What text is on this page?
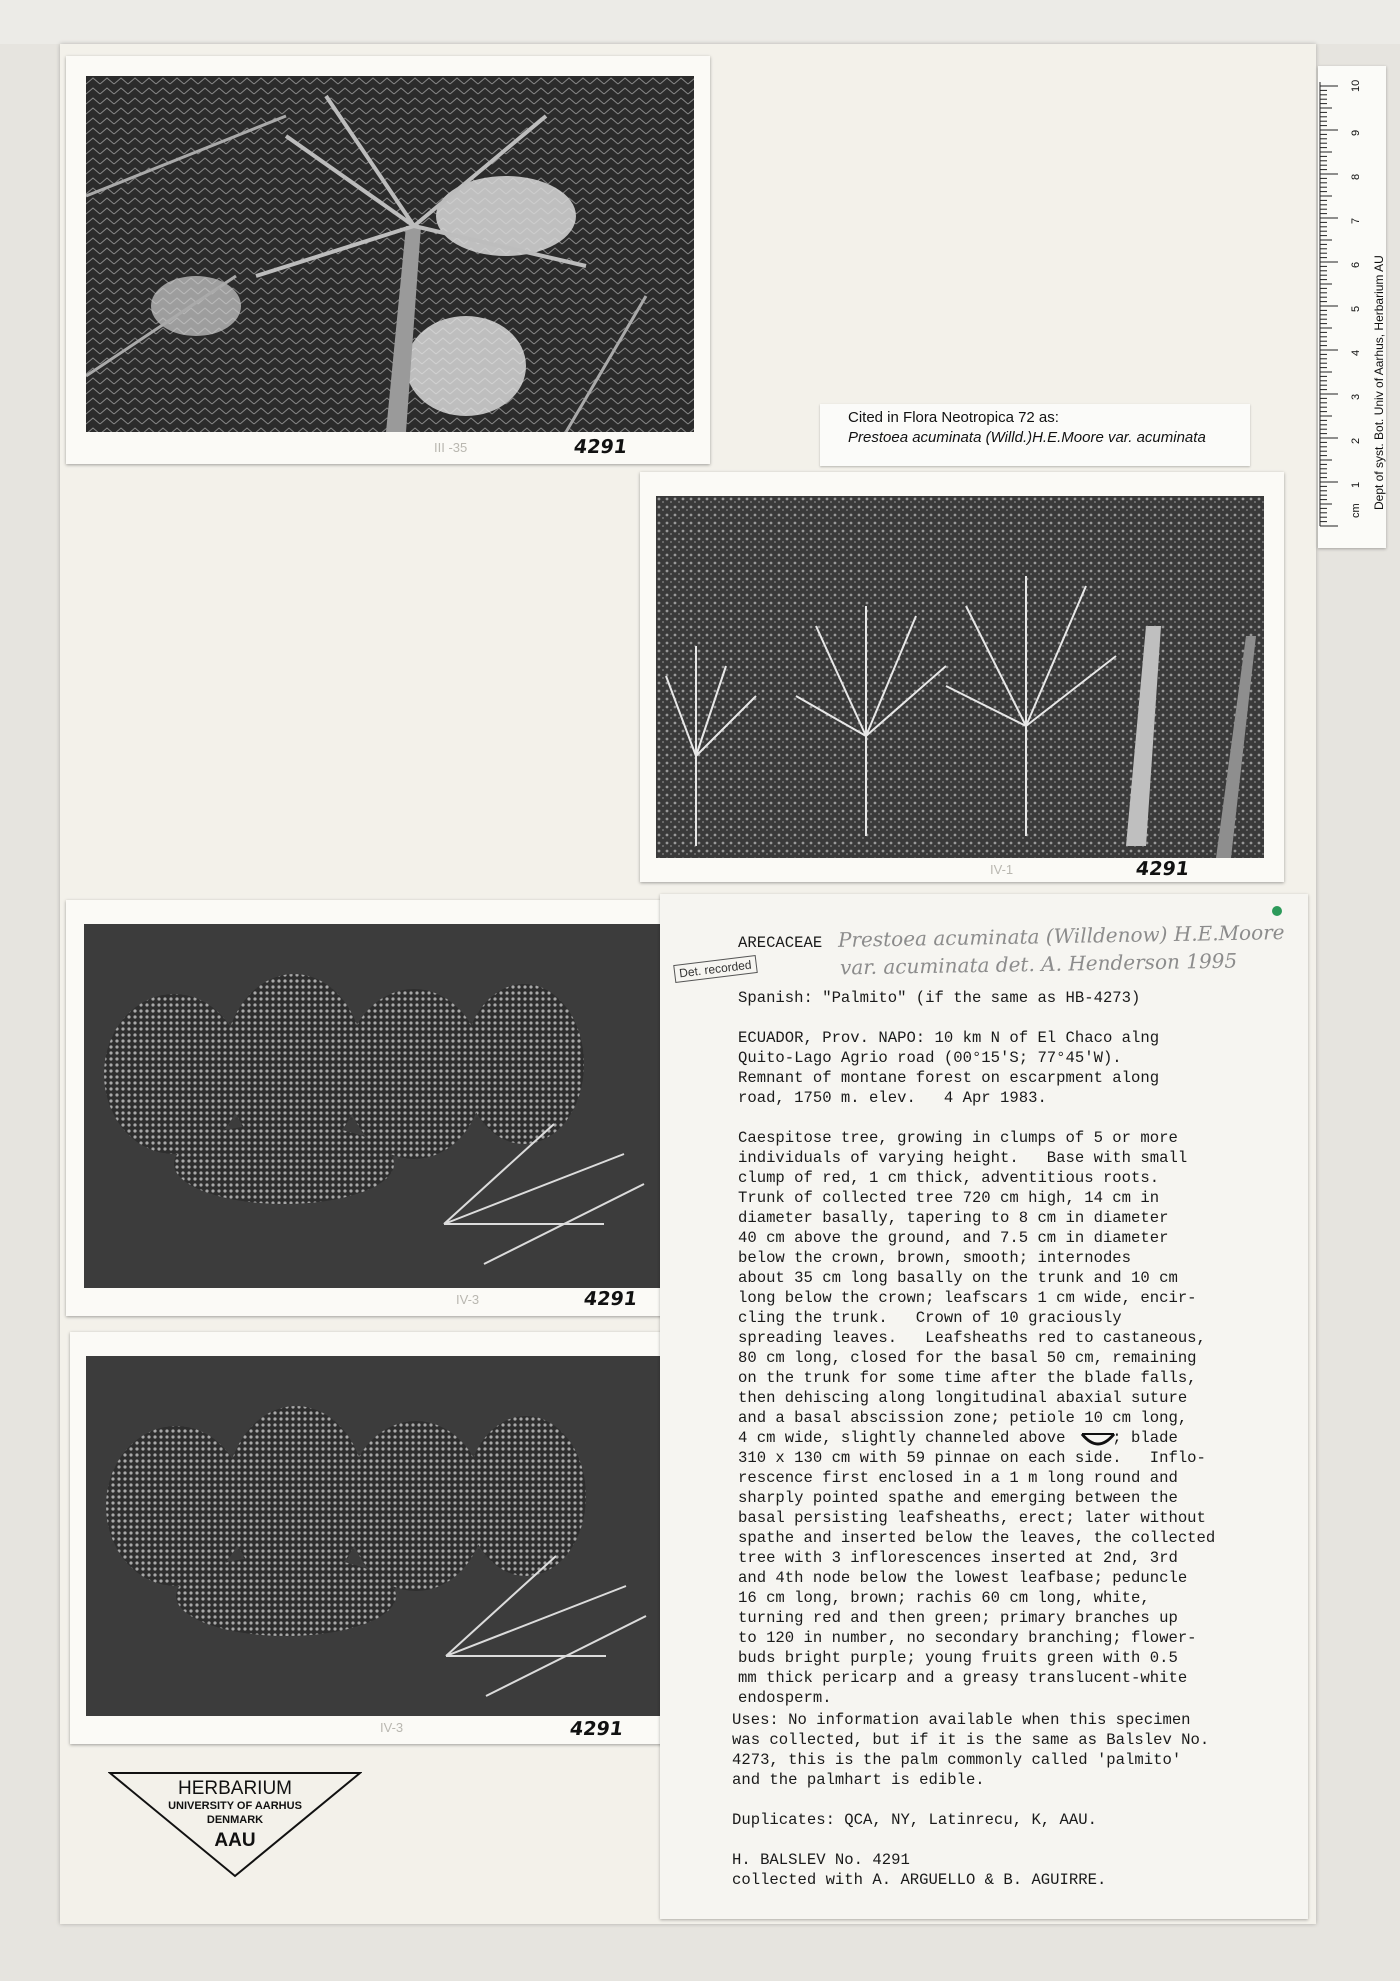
III -35	4291
IV-1	4291
IV-3	4291
IV-3	4291
Cited in Flora Neotropica 72 as:
Prestoea acuminata (Willd.)H.E.Moore var. acuminata
10
9
8
7
6
5
4
3
2
1
cm
Dept of syst. Bot. Univ of Aarhus, Herbarium AU
ARECACEAE Prestoea acuminata (Willdenow) H.E.Moore
var. acuminata det. A. Henderson 1995
Det. recorded
Spanish: "Palmito" (if the same as HB-4273)

ECUADOR, Prov. NAPO: 10 km N of El Chaco alng
Quito-Lago Agrio road (00°15'S; 77°45'W).
Remnant of montane forest on escarpment along
road, 1750 m. elev.   4 Apr 1983.

Caespitose tree, growing in clumps of 5 or more
individuals of varying height.   Base with small
clump of red, 1 cm thick, adventitious roots.
Trunk of collected tree 720 cm high, 14 cm in
diameter basally, tapering to 8 cm in diameter
40 cm above the ground, and 7.5 cm in diameter
below the crown, brown, smooth; internodes
about 35 cm long basally on the trunk and 10 cm
long below the crown; leafscars 1 cm wide, encir-
cling the trunk.   Crown of 10 graciously
spreading leaves.   Leafsheaths red to castaneous,
80 cm long, closed for the basal 50 cm, remaining
on the trunk for some time after the blade falls,
then dehiscing along longitudinal abaxial suture
and a basal abscission zone; petiole 10 cm long,
4 cm wide, slightly channeled above     ; blade
310 x 130 cm with 59 pinnae on each side.   Inflo-
rescence first enclosed in a 1 m long round and
sharply pointed spathe and emerging between the
basal persisting leafsheaths, erect; later without
spathe and inserted below the leaves, the collected
tree with 3 inflorescences inserted at 2nd, 3rd
and 4th node below the lowest leafbase; peduncle
16 cm long, brown; rachis 60 cm long, white,
turning red and then green; primary branches up
to 120 in number, no secondary branching; flower-
buds bright purple; young fruits green with 0.5
mm thick pericarp and a greasy translucent-white
endosperm.
Uses: No information available when this specimen
was collected, but if it is the same as Balslev No.
4273, this is the palm commonly called 'palmito'
and the palmhart is edible.
Duplicates: QCA, NY, Latinrecu, K, AAU.
H. BALSLEV No. 4291
collected with A. ARGUELLO & B. AGUIRRE.
HERBARIUM
UNIVERSITY OF AARHUS
DENMARK
AAU
